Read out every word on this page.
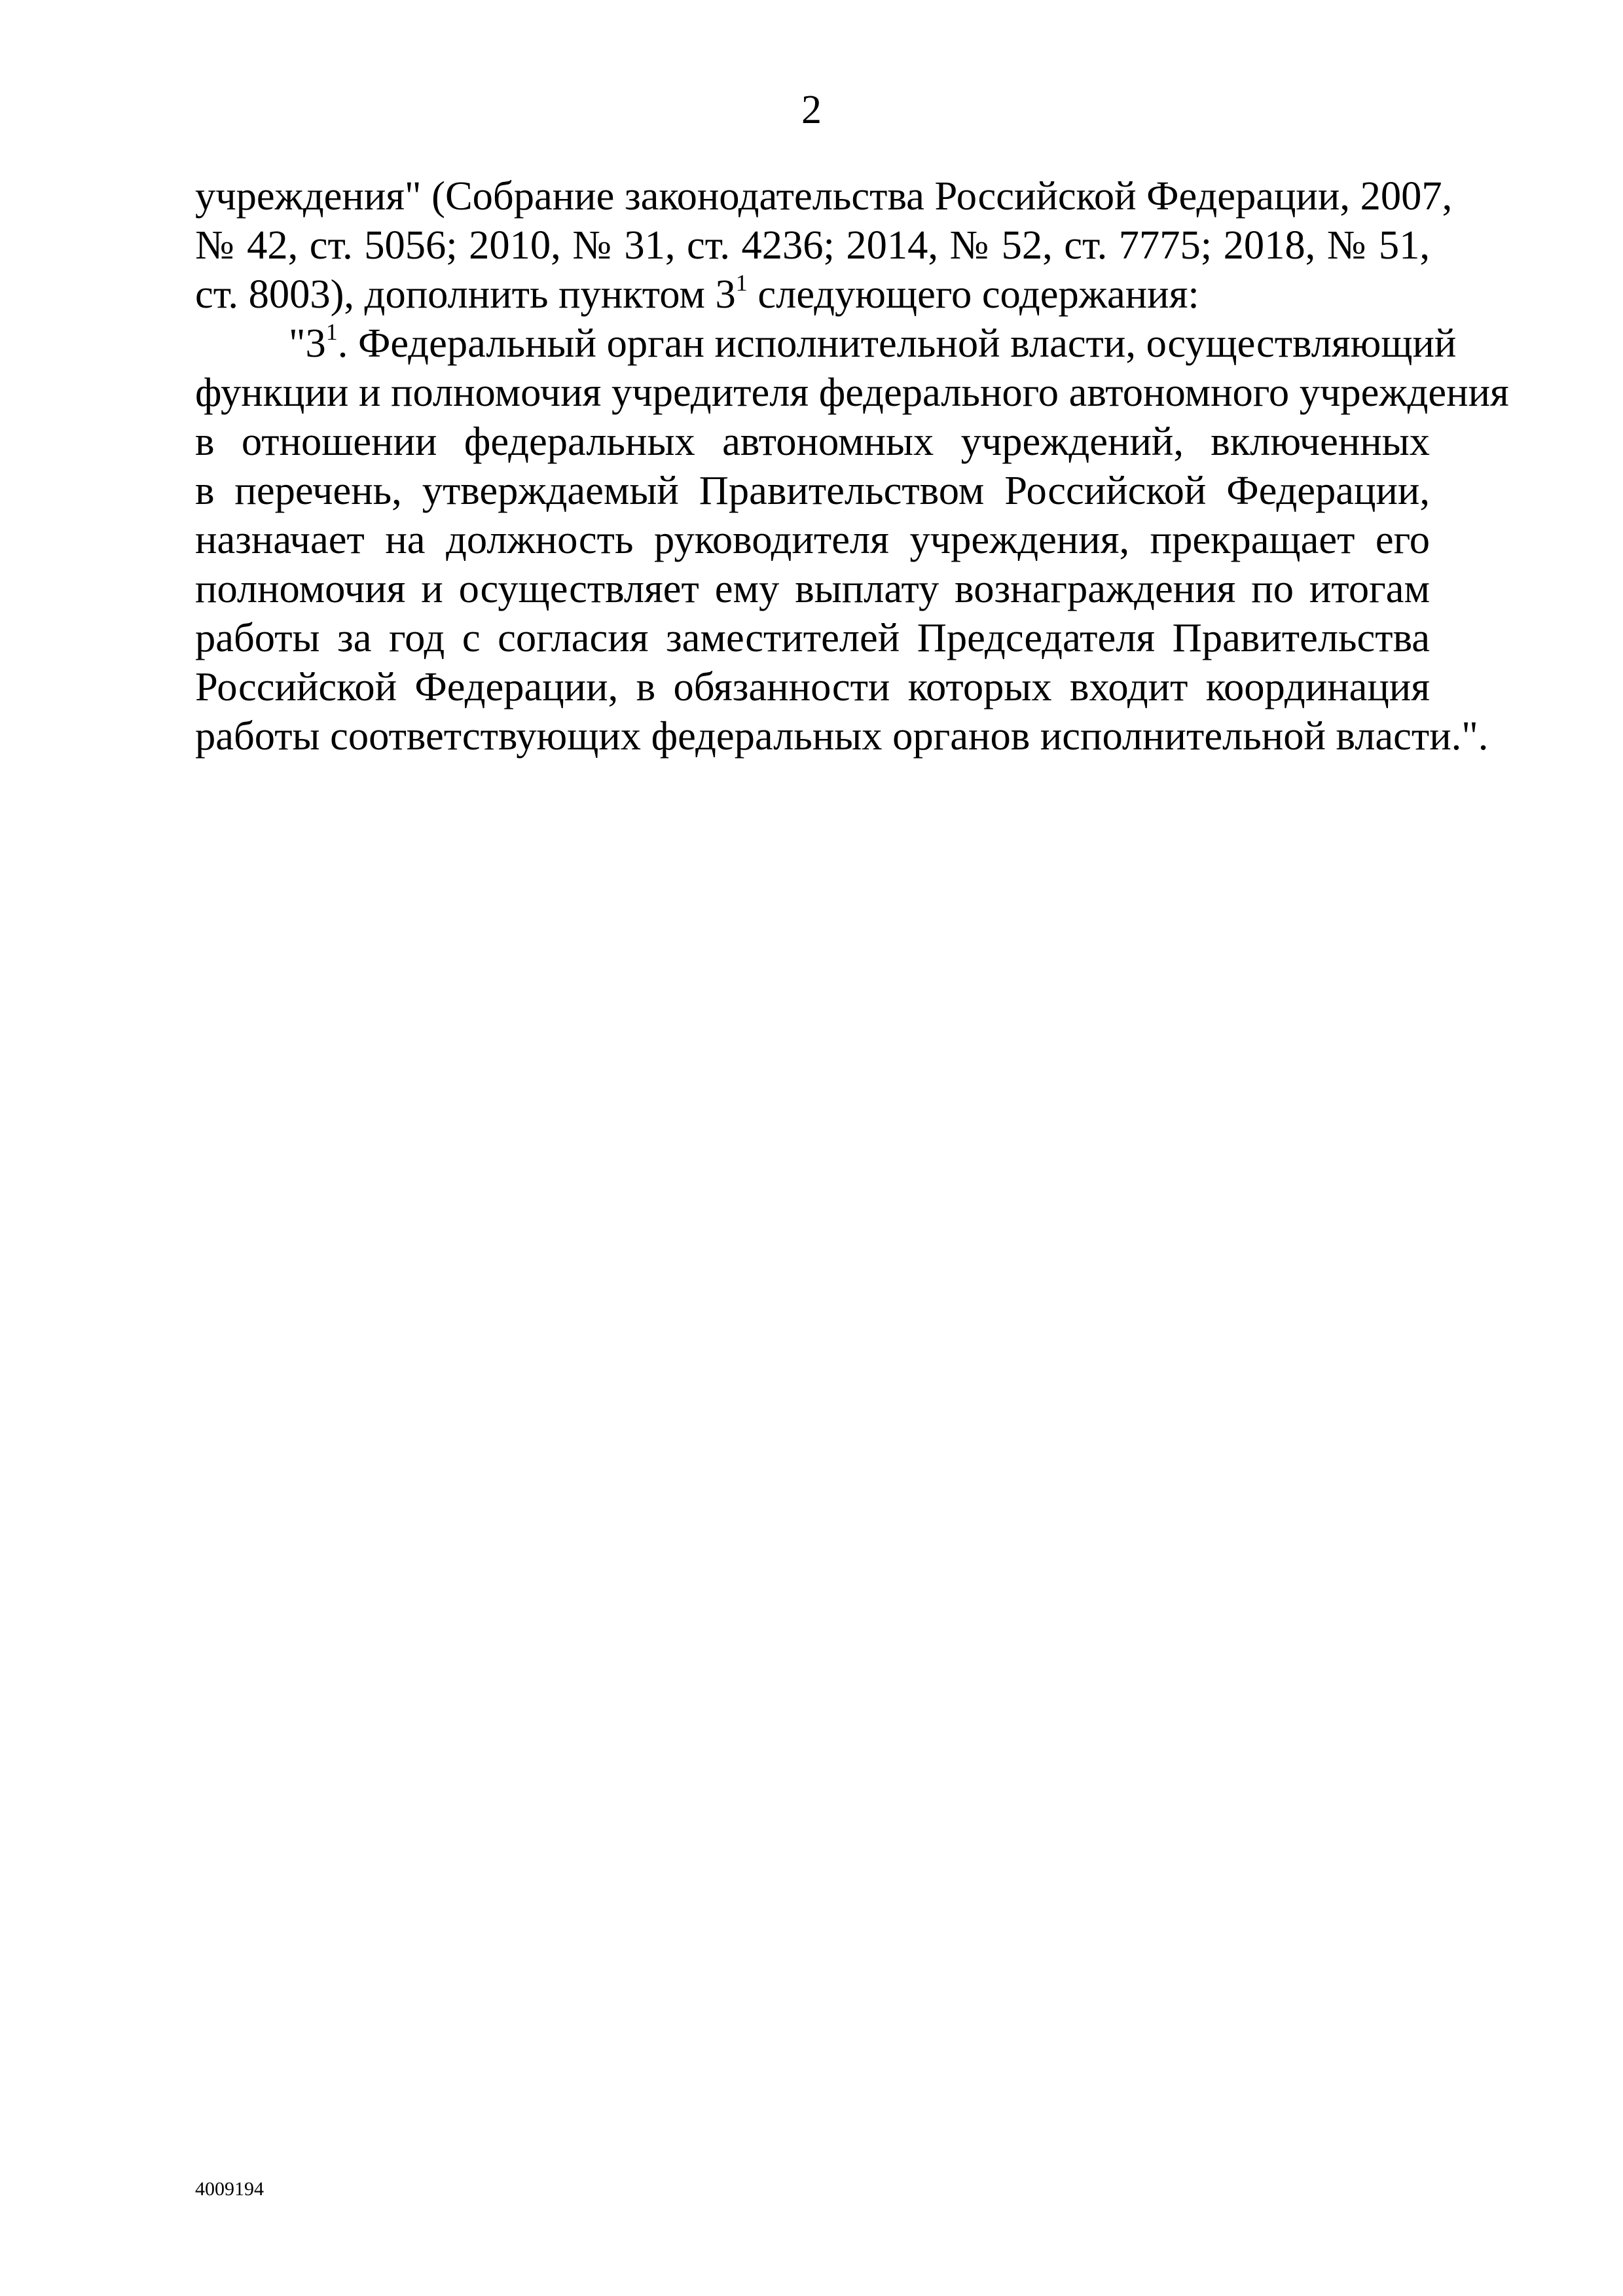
2

учреждения" (Собрание законодательства Российской Федерации, 2007,
№ 42, ст. 5056; 2010, № 31, ст. 4236; 2014, № 52, ст. 7775; 2018, № 51,
ст. 8003), дополнить пунктом $3^1$ следующего содержания:

"$3^1$. Федеральный орган исполнительной власти, осуществляющий
функции и полномочия учредителя федерального автономного учреждения
в отношении федеральных автономных учреждений, включенных
в перечень, утверждаемый Правительством Российской Федерации,
назначает на должность руководителя учреждения, прекращает его
полномочия и осуществляет ему выплату вознаграждения по итогам
работы за год с согласия заместителей Председателя Правительства
Российской Федерации, в обязанности которых входит координация
работы соответствующих федеральных органов исполнительной власти.".

4009194
